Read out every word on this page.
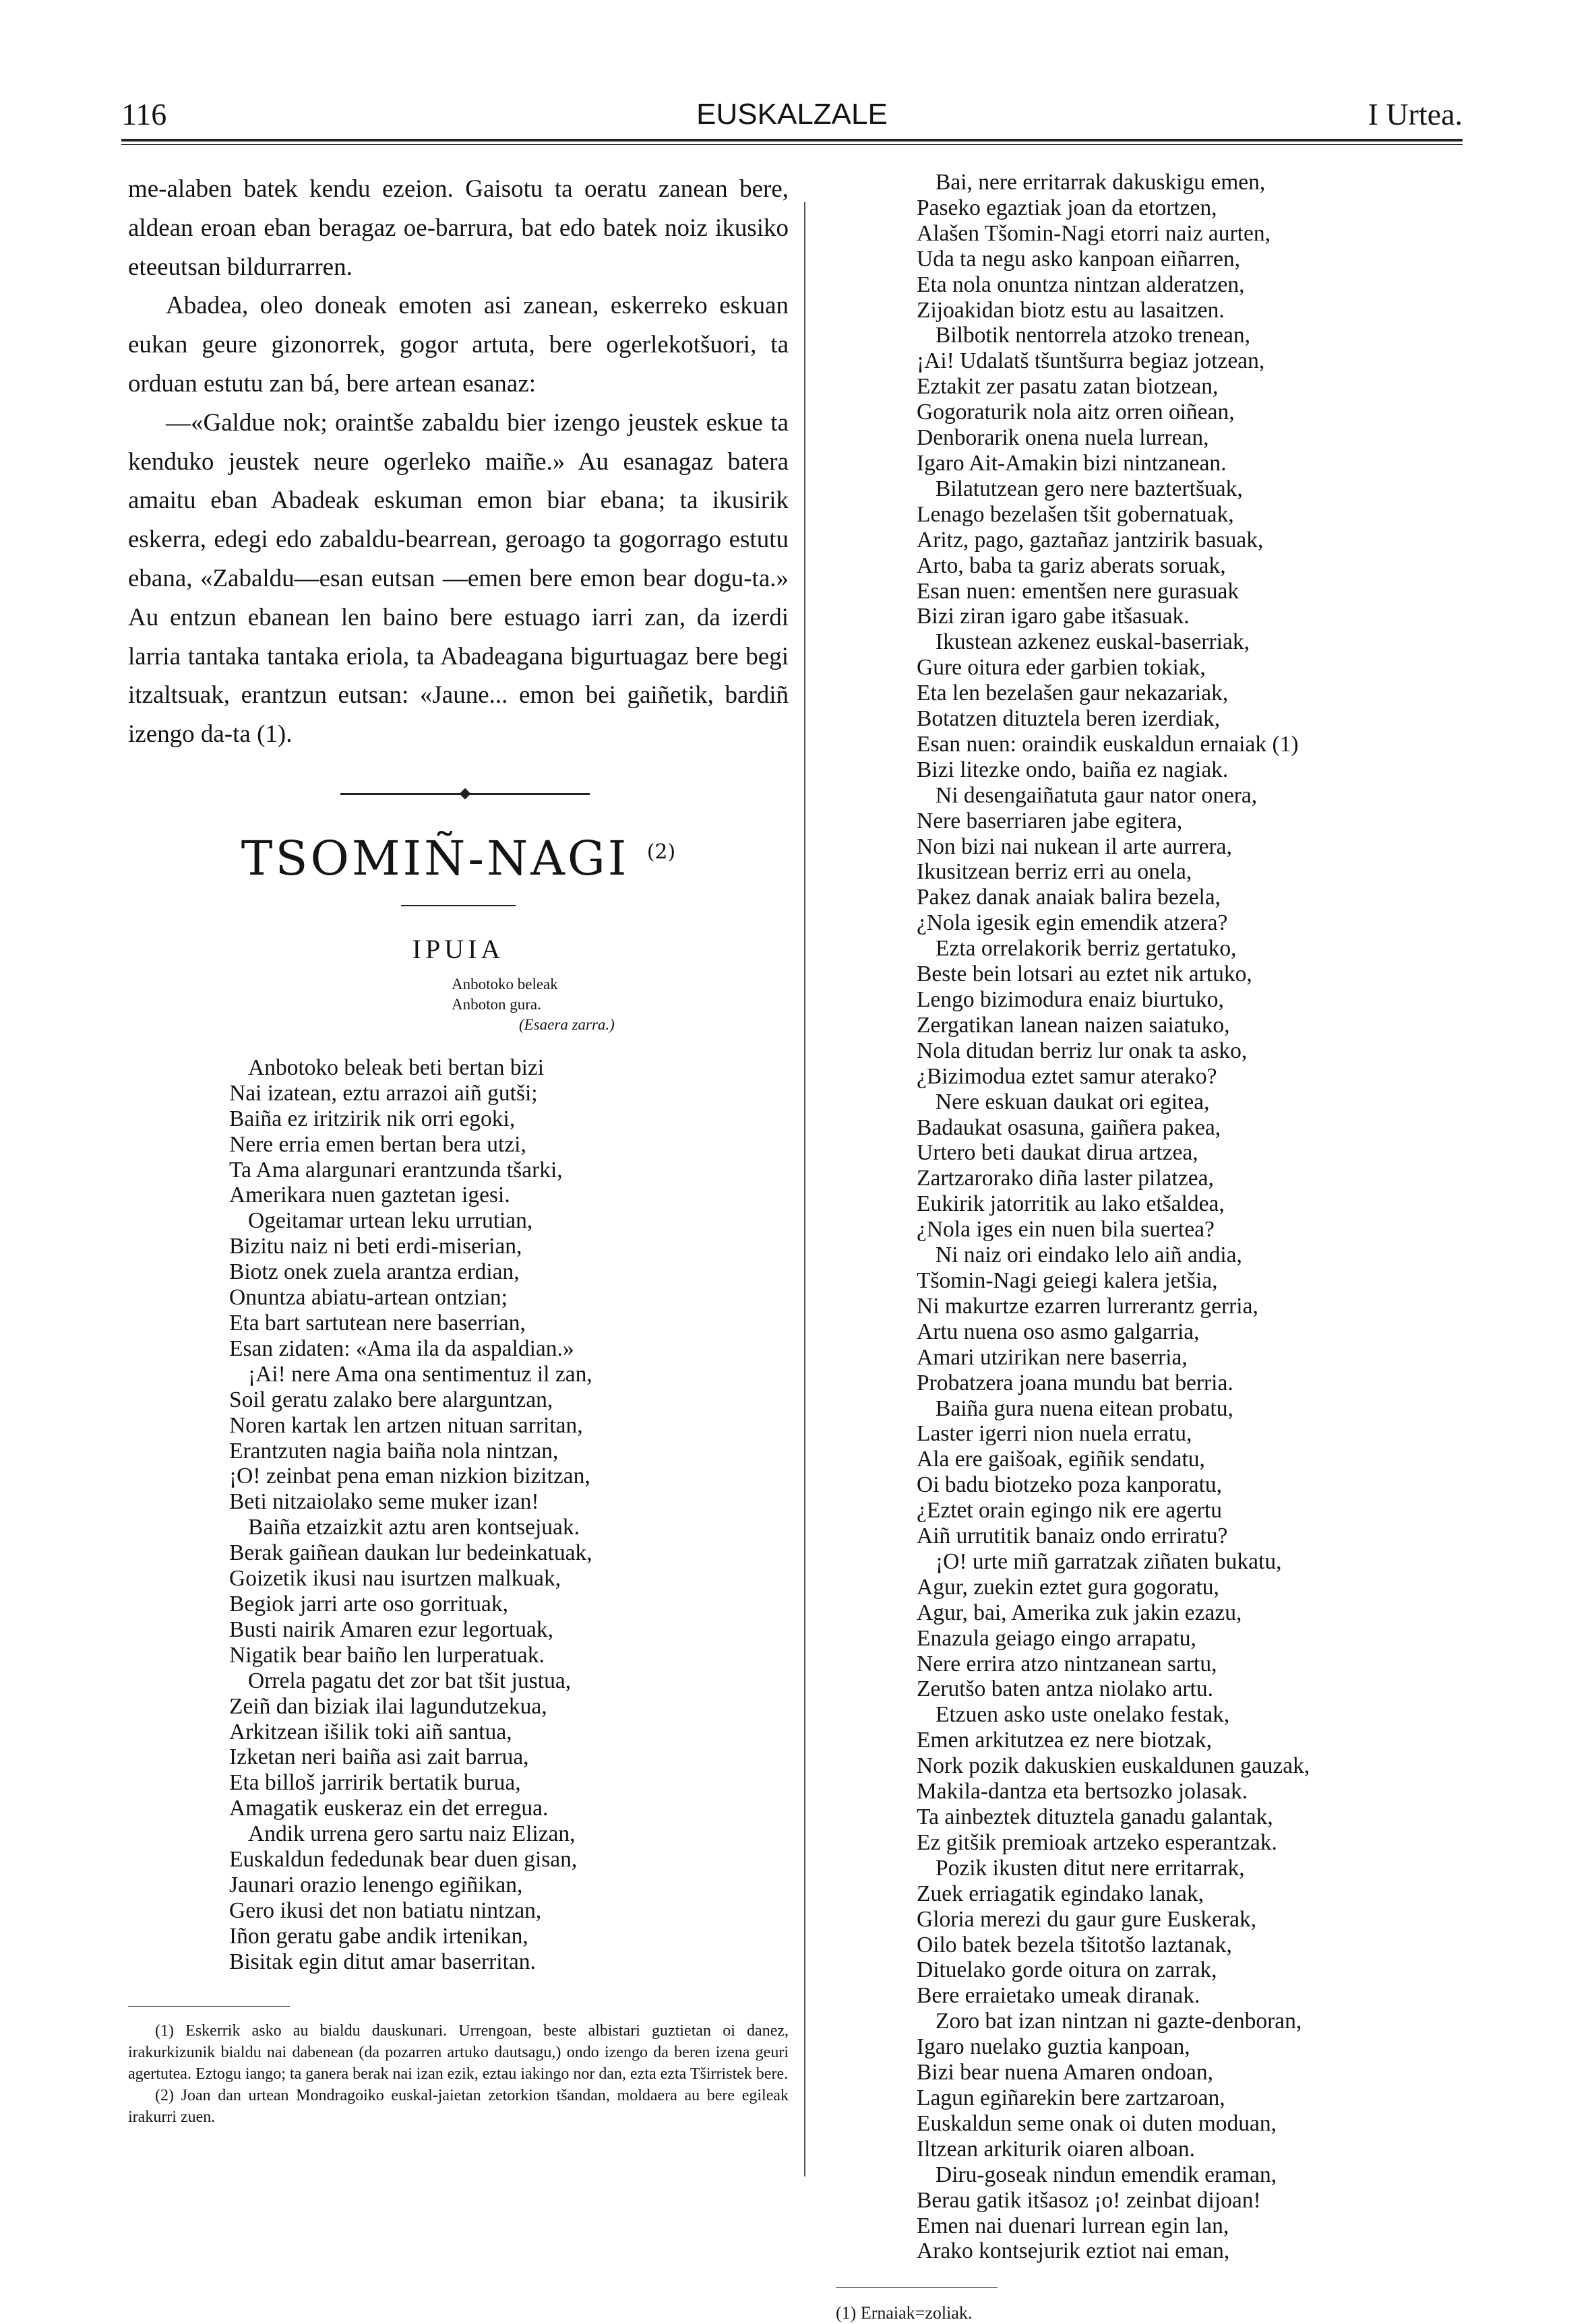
116	EUSKALZALE	I Urtea.
me-alaben batek kendu ezeion. Gaisotu ta oeratu zanean bere, aldean eroan eban beragaz oe-barrura, bat edo batek noiz ikusiko eteeutsan bildurrarren.
Abadea, oleo doneak emoten asi zanean, eskerreko eskuan eukan geure gizonorrek, gogor artuta, bere ogerlekotšuori, ta orduan estutu zan bá, bere artean esanaz:
—«Galdue nok; oraintše zabaldu bier izengo jeustek eskue ta kenduko jeustek neure ogerleko maiñe.» Au esanagaz batera amaitu eban Abadeak eskuman emon biar ebana; ta ikusirik eskerra, edegi edo zabaldu-bearrean, geroago ta gogorrago estutu ebana, «Zabaldu—esan eutsan —emen bere emon bear dogu-ta.» Au entzun ebanean len baino bere estuago iarri zan, da izerdi larria tantaka tantaka eriola, ta Abadeagana bigurtuagaz bere begi itzaltsuak, erantzun eutsan: «Jaune... emon bei gaiñetik, bardiñ izengo da-ta (1).
TSOMIÑ-NAGI $^{(2)}$
IPUIA
Anbotoko beleak
Anboton gura.
(Esaera zarra.)
Anbotoko beleak beti bertan bizi
Nai izatean, eztu arrazoi aiñ gutši;
Baiña ez iritzirik nik orri egoki,
Nere erria emen bertan bera utzi,
Ta Ama alargunari erantzunda tšarki,
Amerikara nuen gaztetan igesi.
Ogeitamar urtean leku urrutian,
Bizitu naiz ni beti erdi-miserian,
Biotz onek zuela arantza erdian,
Onuntza abiatu-artean ontzian;
Eta bart sartutean nere baserrian,
Esan zidaten: «Ama ila da aspaldian.»
¡Ai! nere Ama ona sentimentuz il zan,
Soil geratu zalako bere alarguntzan,
Noren kartak len artzen nituan sarritan,
Erantzuten nagia baiña nola nintzan,
¡O! zeinbat pena eman nizkion bizitzan,
Beti nitzaiolako seme muker izan!
Baiña etzaizkit aztu aren kontsejuak.
Berak gaiñean daukan lur bedeinkatuak,
Goizetik ikusi nau isurtzen malkuak,
Begiok jarri arte oso gorrituak,
Busti nairik Amaren ezur legortuak,
Nigatik bear baiño len lurperatuak.
Orrela pagatu det zor bat tšit justua,
Zeiñ dan biziak ilai lagundutzekua,
Arkitzean išilik toki aiñ santua,
Izketan neri baiña asi zait barrua,
Eta billoš jarririk bertatik burua,
Amagatik euskeraz ein det erregua.
Andik urrena gero sartu naiz Elizan,
Euskaldun fededunak bear duen gisan,
Jaunari orazio lenengo egiñikan,
Gero ikusi det non batiatu nintzan,
Iñon geratu gabe andik irtenikan,
Bisitak egin ditut amar baserritan.

(1) Eskerrik asko au bialdu dauskunari. Urrengoan, beste albistari guztietan oi danez, irakurkizunik bialdu nai dabenean (da pozarren artuko dautsagu,) ondo izengo da beren izena geuri agertutea. Eztogu iango; ta ganera berak nai izan ezik, eztau iakingo nor dan, ezta ezta Tširristek bere.

(2) Joan dan urtean Mondragoiko euskal-jaietan zetorkion tšandan, moldaera au bere egileak irakurri zuen.

Bai, nere erritarrak dakuskigu emen,
Paseko egaztiak joan da etortzen,
Alašen Tšomin-Nagi etorri naiz aurten,
Uda ta negu asko kanpoan eiñarren,
Eta nola onuntza nintzan alderatzen,
Zijoakidan biotz estu au lasaitzen.
Bilbotik nentorrela atzoko trenean,
¡Ai! Udalatš tšuntšurra begiaz jotzean,
Eztakit zer pasatu zatan biotzean,
Gogoraturik nola aitz orren oiñean,
Denborarik onena nuela lurrean,
Igaro Ait-Amakin bizi nintzanean.
Bilatutzean gero nere baztertšuak,
Lenago bezelašen tšit gobernatuak,
Aritz, pago, gaztañaz jantzirik basuak,
Arto, baba ta gariz aberats soruak,
Esan nuen: ementšen nere gurasuak
Bizi ziran igaro gabe itšasuak.
Ikustean azkenez euskal-baserriak,
Gure oitura eder garbien tokiak,
Eta len bezelašen gaur nekazariak,
Botatzen dituztela beren izerdiak,
Esan nuen: oraindik euskaldun ernaiak (1)
Bizi litezke ondo, baiña ez nagiak.
Ni desengaiñatuta gaur nator onera,
Nere baserriaren jabe egitera,
Non bizi nai nukean il arte aurrera,
Ikusitzean berriz erri au onela,
Pakez danak anaiak balira bezela,
¿Nola igesik egin emendik atzera?
Ezta orrelakorik berriz gertatuko,
Beste bein lotsari au eztet nik artuko,
Lengo bizimodura enaiz biurtuko,
Zergatikan lanean naizen saiatuko,
Nola ditudan berriz lur onak ta asko,
¿Bizimodua eztet samur aterako?
Nere eskuan daukat ori egitea,
Badaukat osasuna, gaiñera pakea,
Urtero beti daukat dirua artzea,
Zartzarorako diña laster pilatzea,
Eukirik jatorritik au lako etšaldea,
¿Nola iges ein nuen bila suertea?
Ni naiz ori eindako lelo aiñ andia,
Tšomin-Nagi geiegi kalera jetšia,
Ni makurtze ezarren lurrerantz gerria,
Artu nuena oso asmo galgarria,
Amari utzirikan nere baserria,
Probatzera joana mundu bat berria.
Baiña gura nuena eitean probatu,
Laster igerri nion nuela erratu,
Ala ere gaišoak, egiñik sendatu,
Oi badu biotzeko poza kanporatu,
¿Eztet orain egingo nik ere agertu
Aiñ urrutitik banaiz ondo erriratu?
¡O! urte miñ garratzak ziñaten bukatu,
Agur, zuekin eztet gura gogoratu,
Agur, bai, Amerika zuk jakin ezazu,
Enazula geiago eingo arrapatu,
Nere errira atzo nintzanean sartu,
Zerutšo baten antza niolako artu.
Etzuen asko uste onelako festak,
Emen arkitutzea ez nere biotzak,
Nork pozik dakuskien euskaldunen gauzak,
Makila-dantza eta bertsozko jolasak.
Ta ainbeztek dituztela ganadu galantak,
Ez gitšik premioak artzeko esperantzak.
Pozik ikusten ditut nere erritarrak,
Zuek erriagatik egindako lanak,
Gloria merezi du gaur gure Euskerak,
Oilo batek bezela tšitotšo laztanak,
Dituelako gorde oitura on zarrak,
Bere erraietako umeak diranak.
Zoro bat izan nintzan ni gazte-denboran,
Igaro nuelako guztia kanpoan,
Bizi bear nuena Amaren ondoan,
Lagun egiñarekin bere zartzaroan,
Euskaldun seme onak oi duten moduan,
Iltzean arkiturik oiaren alboan.
Diru-goseak nindun emendik eraman,
Berau gatik itšasoz ¡o! zeinbat dijoan!
Emen nai duenari lurrean egin lan,
Arako kontsejurik eztiot nai eman,
(1) Ernaiak=zoliak.
